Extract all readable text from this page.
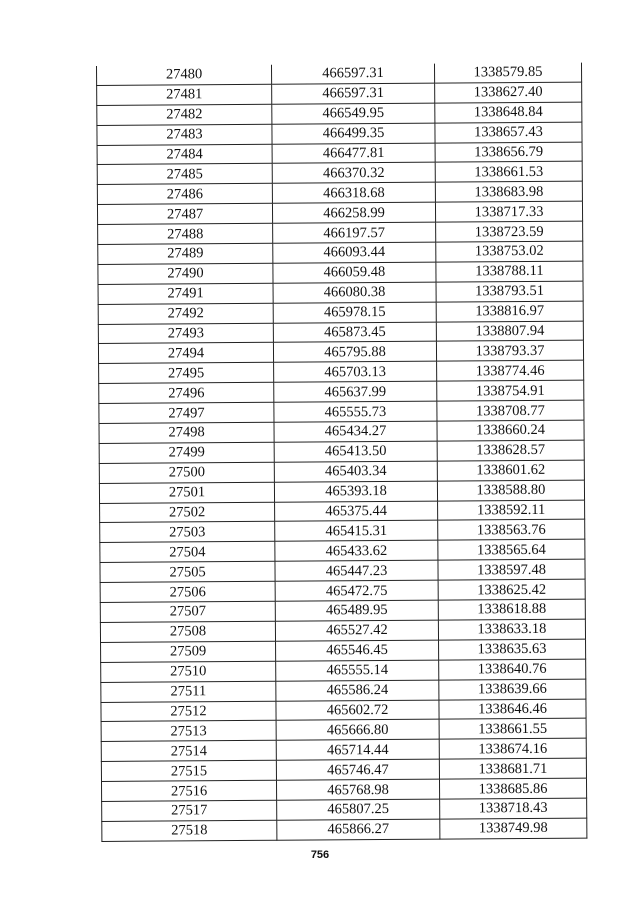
27480	466597.31	1338579.85
27481	466597.31	1338627.40
27482	466549.95	1338648.84
27483	466499.35	1338657.43
27484	466477.81	1338656.79
27485	466370.32	1338661.53
27486	466318.68	1338683.98
27487	466258.99	1338717.33
27488	466197.57	1338723.59
27489	466093.44	1338753.02
27490	466059.48	1338788.11
27491	466080.38	1338793.51
27492	465978.15	1338816.97
27493	465873.45	1338807.94
27494	465795.88	1338793.37
27495	465703.13	1338774.46
27496	465637.99	1338754.91
27497	465555.73	1338708.77
27498	465434.27	1338660.24
27499	465413.50	1338628.57
27500	465403.34	1338601.62
27501	465393.18	1338588.80
27502	465375.44	1338592.11
27503	465415.31	1338563.76
27504	465433.62	1338565.64
27505	465447.23	1338597.48
27506	465472.75	1338625.42
27507	465489.95	1338618.88
27508	465527.42	1338633.18
27509	465546.45	1338635.63
27510	465555.14	1338640.76
27511	465586.24	1338639.66
27512	465602.72	1338646.46
27513	465666.80	1338661.55
27514	465714.44	1338674.16
27515	465746.47	1338681.71
27516	465768.98	1338685.86
27517	465807.25	1338718.43
27518	465866.27	1338749.98
756
